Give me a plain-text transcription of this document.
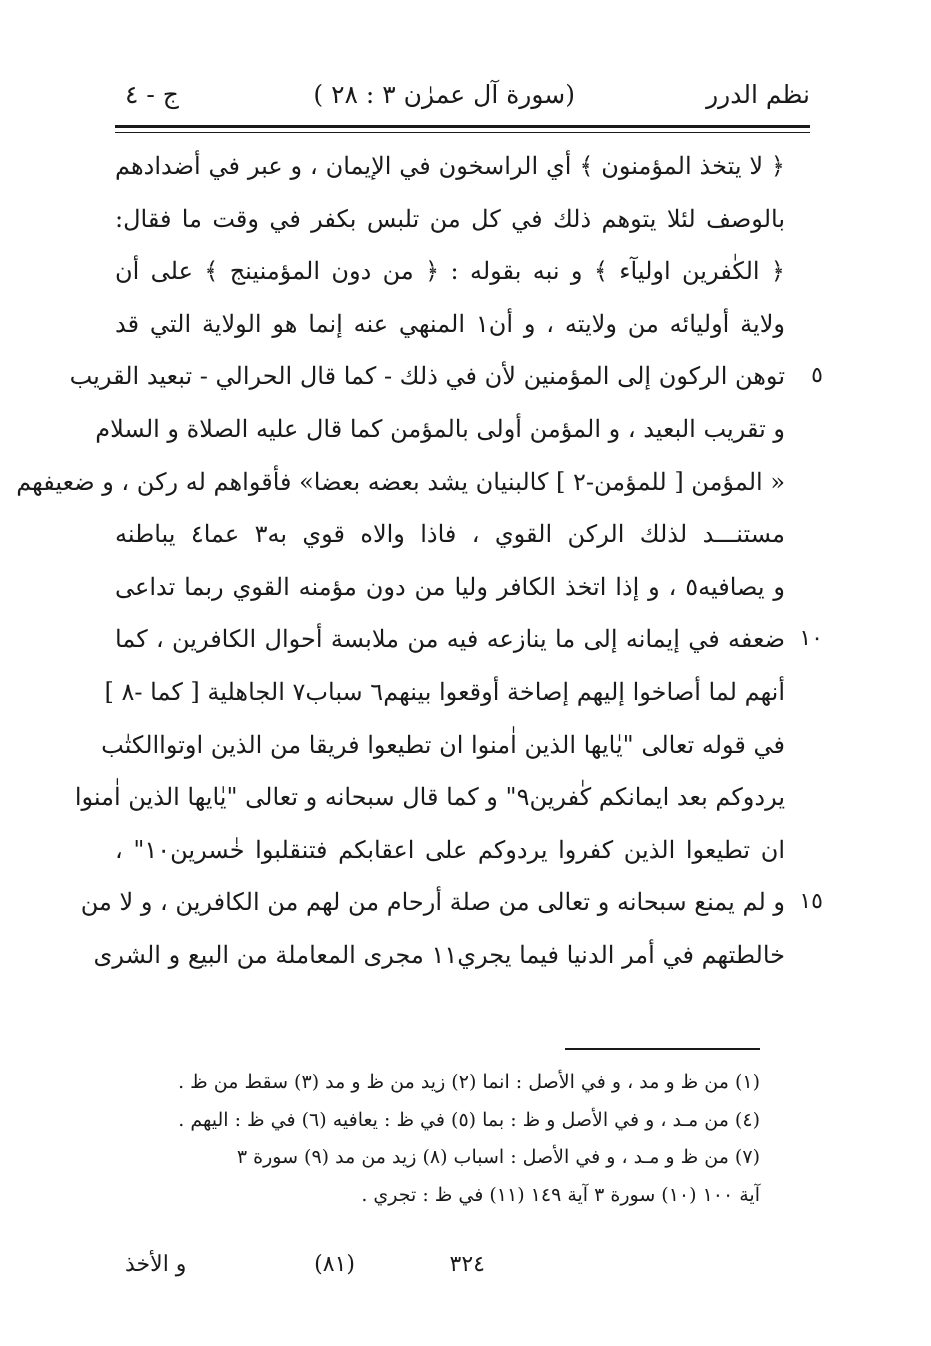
نظم الدرر
(سورة آل عمرٰن ٣ : ٢٨ )
ج - ٤
﴿ لا يتخذ المؤمنون ﴾ أي الراسخون في الإيمان ، و عبر في أضدادهم
بالوصف لئلا يتوهم ذلك في كل من تلبس بكفر في وقت ما فقال:
﴿ الكٰفرين اوليآء ﴾ و نبه بقوله : ﴿ من دون المؤمنينج ﴾ على أن
ولاية أوليائه من ولايته ، و أن١ المنهي عنه إنما هو الولاية التي قد
٥
توهن الركون إلى المؤمنين لأن في ذلك - كما قال الحرالي - تبعيد القريب
و تقريب البعيد ، و المؤمن أولى بالمؤمن كما قال عليه الصلاة و السلام
« المؤمن [ للمؤمن-٢ ] كالبنيان يشد بعضه بعضا» فأقواهم له ركن ، و ضعيفهم
مستنـــد لذلك الركن القوي ، فاذا والاه قوي به٣ عما٤ يباطنه
و يصافيه٥ ، و إذا اتخذ الكافر وليا من دون مؤمنه القوي ربما تداعى
١٠
ضعفه في إيمانه إلى ما ينازعه فيه من ملابسة أحوال الكافرين ، كما
أنهم لما أصاخوا إليهم إصاخة أوقعوا بينهم٦ سباب٧ الجاهلية [ كما -٨ ]
في قوله تعالى "يٰايها الذين اٰمنوا ان تطيعوا فريقا من الذين اوتواالكتٰب
يردوكم بعد ايمانكم كٰفرين٩" و كما قال سبحانه و تعالى "يٰايها الذين اٰمنوا
ان تطيعوا الذين كفروا يردوكم على اعقابكم فتنقلبوا خٰسرين١٠" ،
١٥
و لم يمنع سبحانه و تعالى من صلة أرحام من لهم من الكافرين ، و لا من
خالطتهم في أمر الدنيا فيما يجري١١ مجرى المعاملة من البيع و الشرى
(١) من ظ و مد ، و في الأصل : انما (٢) زيد من ظ و مد (٣) سقط من ظ .
(٤) من مـد ، و في الأصل و ظ : بما (٥) في ظ : يعافيه (٦) في ظ : اليهم .
(٧) من ظ و مـد ، و في الأصل : اسباب (٨) زيد من مد (٩) سورة ٣
آية ١٠٠ (١٠) سورة ٣ آية ١٤٩ (١١) في ظ : تجري .
٣٢٤
(٨١)
و الأخذ
